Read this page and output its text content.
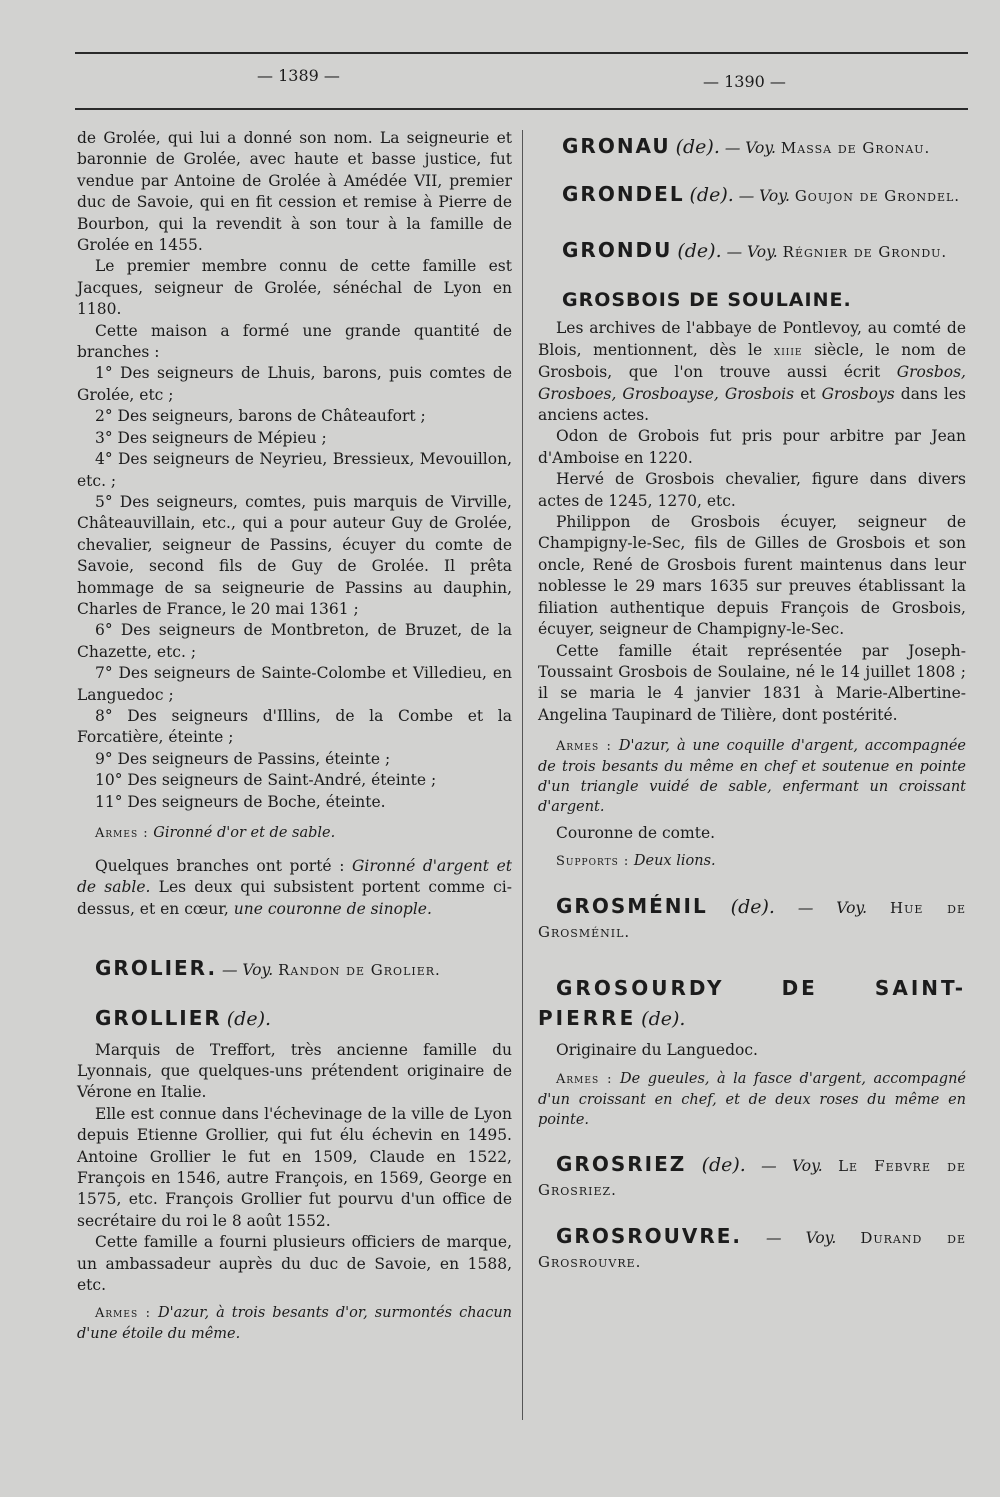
— 1389 —	— 1390 —

de Grolée, qui lui a donné son nom. La seigneurie et baronnie de Grolée, avec haute et basse justice, fut vendue par Antoine de Grolée à Amédée VII, premier duc de Savoie, qui en fit cession et remise à Pierre de Bourbon, qui la revendit à son tour à la famille de Grolée en 1455.

Le premier membre connu de cette famille est Jacques, seigneur de Grolée, sénéchal de Lyon en 1180.

Cette maison a formé une grande quantité de branches :

1° Des seigneurs de Lhuis, barons, puis comtes de Grolée, etc ;

2° Des seigneurs, barons de Châteaufort ;

3° Des seigneurs de Mépieu ;

4° Des seigneurs de Neyrieu, Bressieux, Mevouillon, etc. ;

5° Des seigneurs, comtes, puis marquis de Virville, Châteauvillain, etc., qui a pour auteur Guy de Grolée, chevalier, seigneur de Passins, écuyer du comte de Savoie, second fils de Guy de Grolée. Il prêta hommage de sa seigneurie de Passins au dauphin, Charles de France, le 20 mai 1361 ;

6° Des seigneurs de Montbreton, de Bruzet, de la Chazette, etc. ;

7° Des seigneurs de Sainte-Colombe et Villedieu, en Languedoc ;

8° Des seigneurs d'Illins, de la Combe et la Forcatière, éteinte ;

9° Des seigneurs de Passins, éteinte ;

10° Des seigneurs de Saint-André, éteinte ;

11° Des seigneurs de Boche, éteinte.

Armes : Gironné d'or et de sable.

Quelques branches ont porté : Gironné d'argent et de sable. Les deux qui subsistent portent comme ci-dessus, et en cœur, une couronne de sinople.

GROLIER. — Voy. Randon de Grolier.

GROLLIER (de).

Marquis de Treffort, très ancienne famille du Lyonnais, que quelques-uns prétendent originaire de Vérone en Italie.

Elle est connue dans l'échevinage de la ville de Lyon depuis Etienne Grollier, qui fut élu échevin en 1495. Antoine Grollier le fut en 1509, Claude en 1522, François en 1546, autre François, en 1569, George en 1575, etc. François Grollier fut pourvu d'un office de secrétaire du roi le 8 août 1552.

Cette famille a fourni plusieurs officiers de marque, un ambassadeur auprès du duc de Savoie, en 1588, etc.

Armes : D'azur, à trois besants d'or, surmontés chacun d'une étoile du même.

GRONAU (de). — Voy. Massa de Gronau.

GRONDEL (de). — Voy. Goujon de Grondel.

GRONDU (de). — Voy. Régnier de Grondu.

GROSBOIS DE SOULAINE.

Les archives de l'abbaye de Pontlevoy, au comté de Blois, mentionnent, dès le xiiie siècle, le nom de Grosbois, que l'on trouve aussi écrit Grosbos, Grosboes, Grosboayse, Grosbois et Grosboys dans les anciens actes.

Odon de Grobois fut pris pour arbitre par Jean d'Amboise en 1220.

Hervé de Grosbois chevalier, figure dans divers actes de 1245, 1270, etc.

Philippon de Grosbois écuyer, seigneur de Champigny-le-Sec, fils de Gilles de Grosbois et son oncle, René de Grosbois furent maintenus dans leur noblesse le 29 mars 1635 sur preuves établissant la filiation authentique depuis François de Grosbois, écuyer, seigneur de Champigny-le-Sec.

Cette famille était représentée par Joseph-Toussaint Grosbois de Soulaine, né le 14 juillet 1808 ; il se maria le 4 janvier 1831 à Marie-Albertine-Angelina Taupinard de Tilière, dont postérité.

Armes : D'azur, à une coquille d'argent, accompagnée de trois besants du même en chef et soutenue en pointe d'un triangle vuidé de sable, enfermant un croissant d'argent.

Couronne de comte.

Supports : Deux lions.

GROSMÉNIL (de). — Voy. Hue de Grosménil.

GROSOURDY DE SAINT-PIERRE (de).

Originaire du Languedoc.

Armes : De gueules, à la fasce d'argent, accompagné d'un croissant en chef, et de deux roses du même en pointe.

GROSRIEZ (de). — Voy. Le Febvre de Grosriez.

GROSROUVRE. — Voy. Durand de Grosrouvre.
